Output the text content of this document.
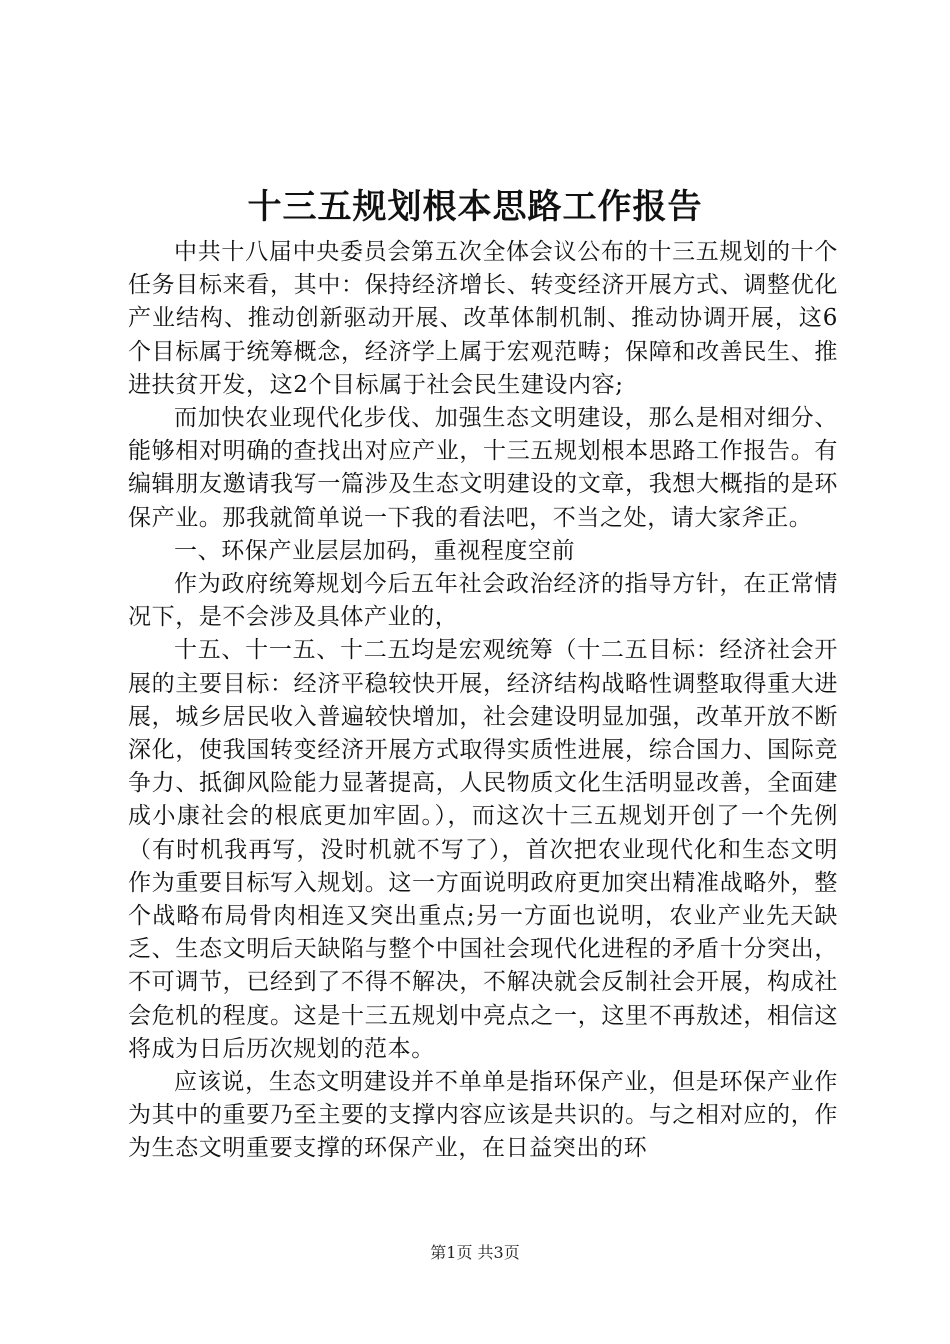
十三五规划根本思路工作报告

中共十八届中央委员会第五次全体会议公布的十三五规划的十个任务目标来看，其中：保持经济增长、转变经济开展方式、调整优化产业结构、推动创新驱动开展、改革体制机制、推动协调开展，这6个目标属于统筹概念，经济学上属于宏观范畴；保障和改善民生、推进扶贫开发，这2个目标属于社会民生建设内容;

而加快农业现代化步伐、加强生态文明建设，那么是相对细分、能够相对明确的查找出对应产业，十三五规划根本思路工作报告。有编辑朋友邀请我写一篇涉及生态文明建设的文章，我想大概指的是环保产业。那我就简单说一下我的看法吧，不当之处，请大家斧正。

一、环保产业层层加码，重视程度空前

作为政府统筹规划今后五年社会政治经济的指导方针，在正常情况下，是不会涉及具体产业的，

十五、十一五、十二五均是宏观统筹（十二五目标：经济社会开展的主要目标：经济平稳较快开展，经济结构战略性调整取得重大进展，城乡居民收入普遍较快增加，社会建设明显加强，改革开放不断深化，使我国转变经济开展方式取得实质性进展，综合国力、国际竞争力、抵御风险能力显著提高，人民物质文化生活明显改善，全面建成小康社会的根底更加牢固。），而这次十三五规划开创了一个先例（有时机我再写，没时机就不写了），首次把农业现代化和生态文明作为重要目标写入规划。这一方面说明政府更加突出精准战略外，整个战略布局骨肉相连又突出重点;另一方面也说明，农业产业先天缺乏、生态文明后天缺陷与整个中国社会现代化进程的矛盾十分突出，不可调节，已经到了不得不解决，不解决就会反制社会开展，构成社会危机的程度。这是十三五规划中亮点之一，这里不再敖述，相信这将成为日后历次规划的范本。

应该说，生态文明建设并不单单是指环保产业，但是环保产业作为其中的重要乃至主要的支撑内容应该是共识的。与之相对应的，作为生态文明重要支撑的环保产业，在日益突出的环

第1页 共3页
